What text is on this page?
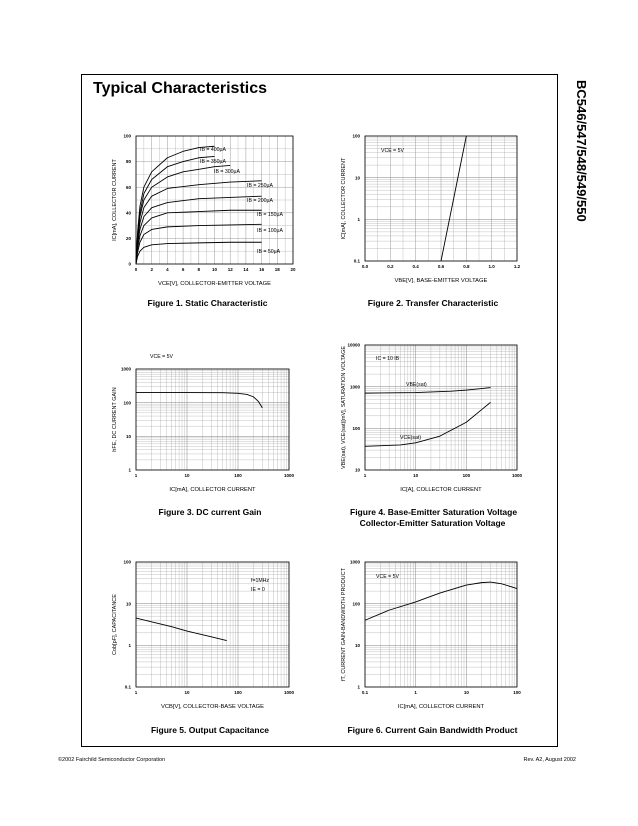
Typical Characteristics	BC546/547/548/549/550
0	2	4	6	8	10 12 14 16 18 20
0
20
40
60
80
100
VCE[V], COLLECTOR-EMITTER VOLTAGE
IC[mA], COLLECTOR CURRENT
0.0	0.2	0.4	0.6	0.8	1.0	1.2
0.1
1
10
100
VBE[V], BASE-EMITTER VOLTAGE
IC[mA], COLLECTOR CURRENT
1	10	100	1000
1
10
100
1000
IC[mA], COLLECTOR CURRENT
hFE, DC CURRENT GAIN
1	10	100	1000
10
100
1000
10000
IC[A], COLLECTOR CURRENT
VBE(sat), VCE(sat)[mV], SATURATION VOLTAGE
1	10	100	1000
0.1
1
10
100
VCB[V], COLLECTOR-BASE VOLTAGE
Cob[pF], CAPACITANCE
0.1	1	10	100
1
10
100
1000
IC[mA], COLLECTOR CURRENT
fT, CURRENT GAIN-BANDWIDTH PRODUCT
IB = 400μA
IB = 350μA
IB = 300μA
IB = 250μA
IB = 200μA
IB = 150μA
IB = 100μA
IB = 50μA
VCE = 5V
VCE = 5V	IC = 10 IB
VBE(sat)
VCE(sat)
f=1MHz
IE = 0
VCE = 5V
Figure 1. Static Characteristic	Figure 2. Transfer Characteristic
Figure 3. DC current Gain	Figure 4. Base-Emitter Saturation Voltage
Collector-Emitter Saturation Voltage
Figure 5. Output Capacitance	Figure 6. Current Gain Bandwidth Product
©2002 Fairchild Semiconductor Corporation	Rev. A2, August 2002
